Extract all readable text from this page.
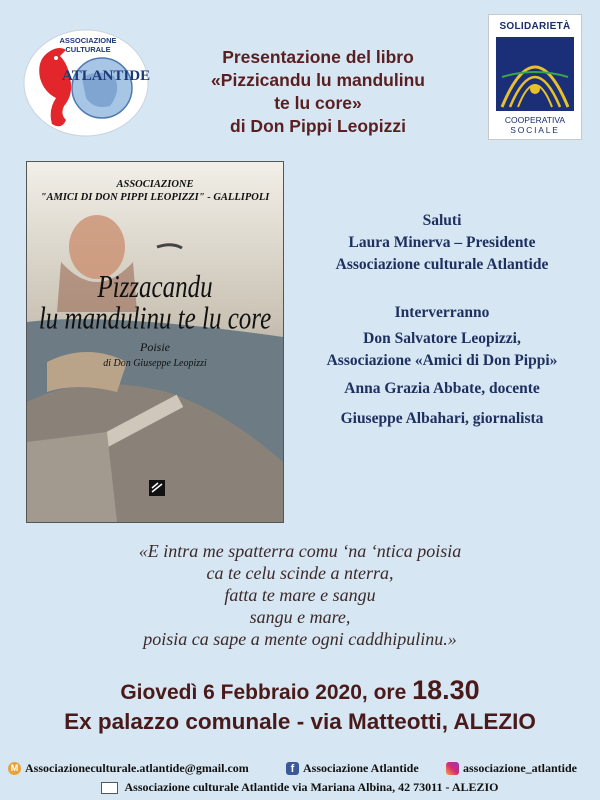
ASSOCIAZIONE CULTURALE
ATLANTIDE
Presentazione del libro
«Pizzicandu lu mandulinu
te lu core»
di Don Pippi Leopizzi
SOLIDARIETÀ
COOPERATIVA
SOCIALE
ASSOCIAZIONE
"AMICI DI DON PIPPI LEOPIZZI" - GALLIPOLI
Pizzacandu
lu mandulinu te lu core
Poisie
di Don Giuseppe Leopizzi
Saluti
Laura Minerva – Presidente
Associazione culturale Atlantide
Interverranno
Don Salvatore Leopizzi,
Associazione «Amici di Don Pippi»
Anna Grazia Abbate, docente
Giuseppe Albahari, giornalista
«E intra me spatterra comu ‘na ‘ntica poisia
ca te celu scinde a nterra,
fatta te mare e sangu
sangu e mare,
poisia ca sape a mente ogni caddhipulinu.»
Giovedì 6 Febbraio 2020, ore 18.30
Ex palazzo comunale - via Matteotti, ALEZIO
M Associazioneculturale.atlantide@gmail.com	f Associazione Atlantide	associazione_atlantide
Associazione culturale Atlantide via Mariana Albina, 42 73011 - ALEZIO
